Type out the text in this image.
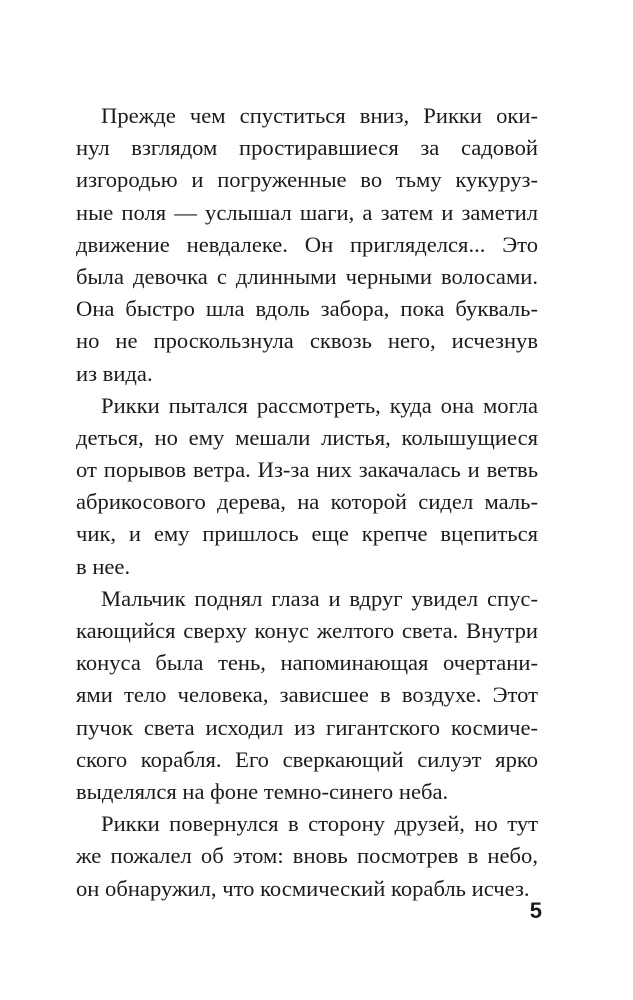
Прежде чем спуститься вниз, Рикки оки-
нул взглядом простиравшиеся за садовой
изгородью и погруженные во тьму кукуруз-
ные поля — услышал шаги, а затем и заметил
движение невдалеке. Он пригляделся... Это
была девочка с длинными черными волосами.
Она быстро шла вдоль забора, пока букваль-
но не проскользнула сквозь него, исчезнув
из вида.
Рикки пытался рассмотреть, куда она могла
деться, но ему мешали листья, колышущиеся
от порывов ветра. Из-за них закачалась и ветвь
абрикосового дерева, на которой сидел маль-
чик, и ему пришлось еще крепче вцепиться
в нее.
Мальчик поднял глаза и вдруг увидел спус-
кающийся сверху конус желтого света. Внутри
конуса была тень, напоминающая очертани-
ями тело человека, зависшее в воздухе. Этот
пучок света исходил из гигантского космиче-
ского корабля. Его сверкающий силуэт ярко
выделялся на фоне темно-синего неба.
Рикки повернулся в сторону друзей, но тут
же пожалел об этом: вновь посмотрев в небо,
он обнаружил, что космический корабль исчез.
5
